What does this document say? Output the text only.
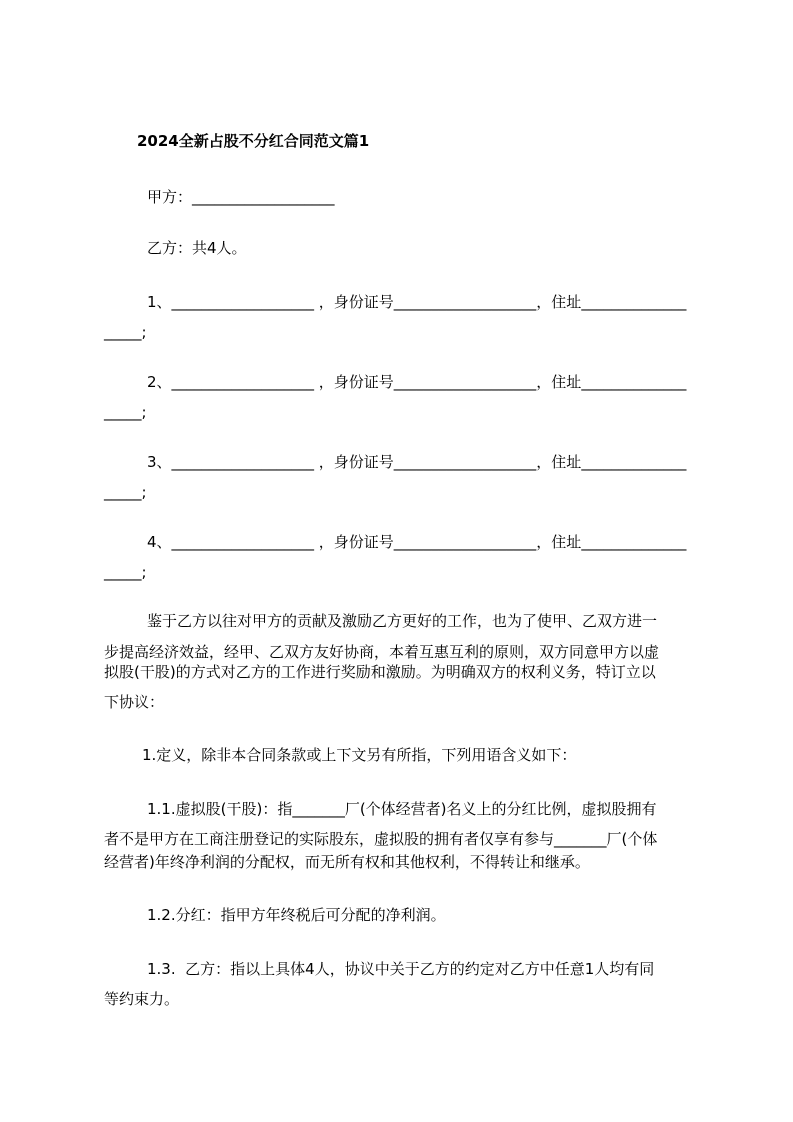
2024全新占股不分红合同范文篇1
甲方：___________________
乙方：共4人。
1、___________________ ，身份证号___________________，住址______________
_____;
2、___________________ ，身份证号___________________，住址______________
_____;
3、___________________ ，身份证号___________________，住址______________
_____;
4、___________________ ，身份证号___________________，住址______________
_____;
鉴于乙方以往对甲方的贡献及激励乙方更好的工作，也为了使甲、乙双方进一
步提高经济效益，经甲、乙双方友好协商，本着互惠互利的原则，双方同意甲方以虚
拟股(干股)的方式对乙方的工作进行奖励和激励。为明确双方的权利义务，特订立以
下协议：
1.定义，除非本合同条款或上下文另有所指，下列用语含义如下：
1.1.虚拟股(干股)：指_______厂(个体经营者)名义上的分红比例，虚拟股拥有
者不是甲方在工商注册登记的实际股东，虚拟股的拥有者仅享有参与_______厂(个体
经营者)年终净利润的分配权，而无所有权和其他权利，不得转让和继承。
1.2.分红：指甲方年终税后可分配的净利润。
1.3.  乙方：指以上具体4人，协议中关于乙方的约定对乙方中任意1人均有同
等约束力。
